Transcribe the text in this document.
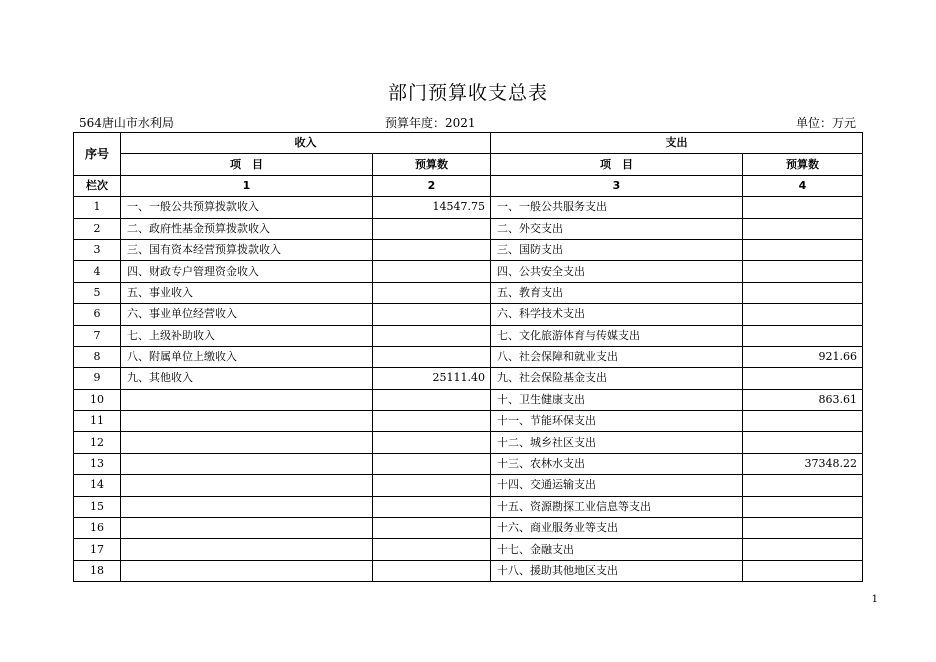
部门预算收支总表
564唐山市水利局	预算年度：2021	单位：万元
序号	收入		支出	
	项　目	预算数	项　目	预算数
栏次	1	2	3	4
1	一、一般公共预算拨款收入	14547.75	一、一般公共服务支出	
2	二、政府性基金预算拨款收入		二、外交支出	
3	三、国有资本经营预算拨款收入		三、国防支出	
4	四、财政专户管理资金收入		四、公共安全支出	
5	五、事业收入		五、教育支出	
6	六、事业单位经营收入		六、科学技术支出	
7	七、上级补助收入		七、文化旅游体育与传媒支出	
8	八、附属单位上缴收入		八、社会保障和就业支出	921.66
9	九、其他收入	25111.40	九、社会保险基金支出	
10			十、卫生健康支出	863.61
11			十一、节能环保支出	
12			十二、城乡社区支出	
13			十三、农林水支出	37348.22
14			十四、交通运输支出	
15			十五、资源勘探工业信息等支出	
16			十六、商业服务业等支出	
17			十七、金融支出	
18			十八、援助其他地区支出	
1
